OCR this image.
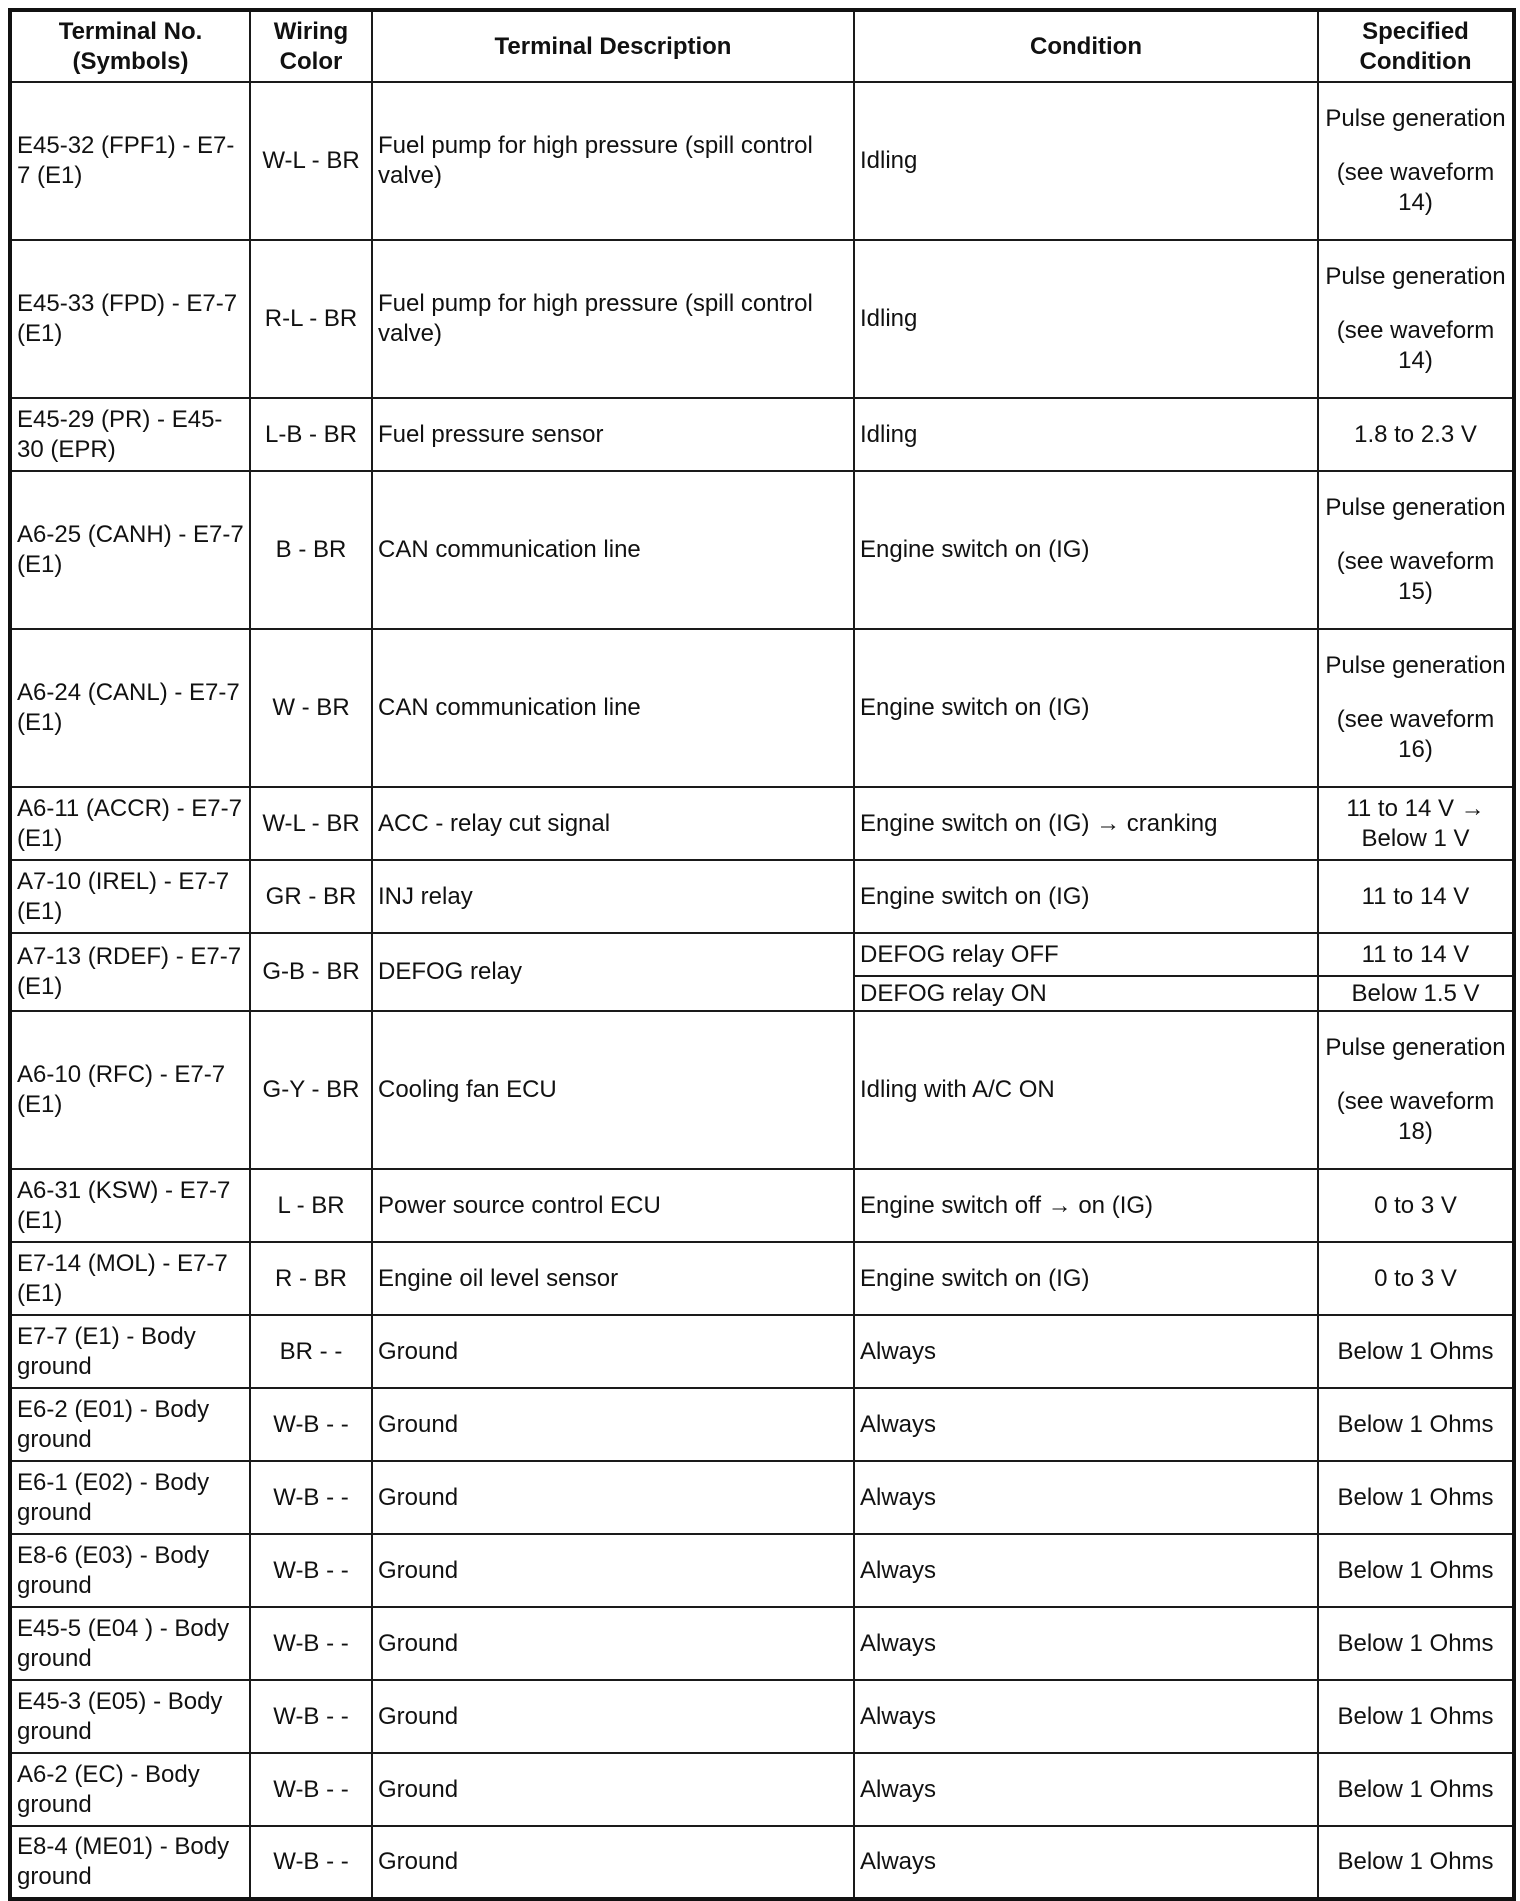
Terminal No. (Symbols)	Wiring Color	Terminal Description	Condition	Specified Condition
E45-32 (FPF1) - E7-7 (E1)	W-L - BR	Fuel pump for high pressure (spill control valve)	Idling	Pulse generation
(see waveform 14)

E45-33 (FPD) - E7-7 (E1)	R-L - BR	Fuel pump for high pressure (spill control valve)	Idling	Pulse generation
(see waveform 14)

E45-29 (PR) - E45-30 (EPR)	L-B - BR	Fuel pressure sensor	Idling	1.8 to 2.3 V
A6-25 (CANH) - E7-7 (E1)	B - BR	CAN communication line	Engine switch on (IG)	Pulse generation
(see waveform 15)

A6-24 (CANL) - E7-7 (E1)	W - BR	CAN communication line	Engine switch on (IG)	Pulse generation
(see waveform 16)

A6-11 (ACCR) - E7-7 (E1)	W-L - BR	ACC - relay cut signal	Engine switch on (IG) → cranking	11 to 14 V → Below 1 V
A7-10 (IREL) - E7-7 (E1)	GR - BR	INJ relay	Engine switch on (IG)	11 to 14 V
A7-13 (RDEF) - E7-7 (E1)	G-B - BR	DEFOG relay	DEFOG relay OFF	11 to 14 V
			DEFOG relay ON	Below 1.5 V
A6-10 (RFC) - E7-7 (E1)	G-Y - BR	Cooling fan ECU	Idling with A/C ON	Pulse generation
(see waveform 18)

A6-31 (KSW) - E7-7 (E1)	L - BR	Power source control ECU	Engine switch off → on (IG)	0 to 3 V
E7-14 (MOL) - E7-7 (E1)	R - BR	Engine oil level sensor	Engine switch on (IG)	0 to 3 V
E7-7 (E1) - Body ground	BR - -	Ground	Always	Below 1 Ohms
E6-2 (E01) - Body ground	W-B - -	Ground	Always	Below 1 Ohms
E6-1 (E02) - Body ground	W-B - -	Ground	Always	Below 1 Ohms
E8-6 (E03) - Body ground	W-B - -	Ground	Always	Below 1 Ohms
E45-5 (E04 ) - Body ground	W-B - -	Ground	Always	Below 1 Ohms
E45-3 (E05) - Body ground	W-B - -	Ground	Always	Below 1 Ohms
A6-2 (EC) - Body ground	W-B - -	Ground	Always	Below 1 Ohms
E8-4 (ME01) - Body ground	W-B - -	Ground	Always	Below 1 Ohms
